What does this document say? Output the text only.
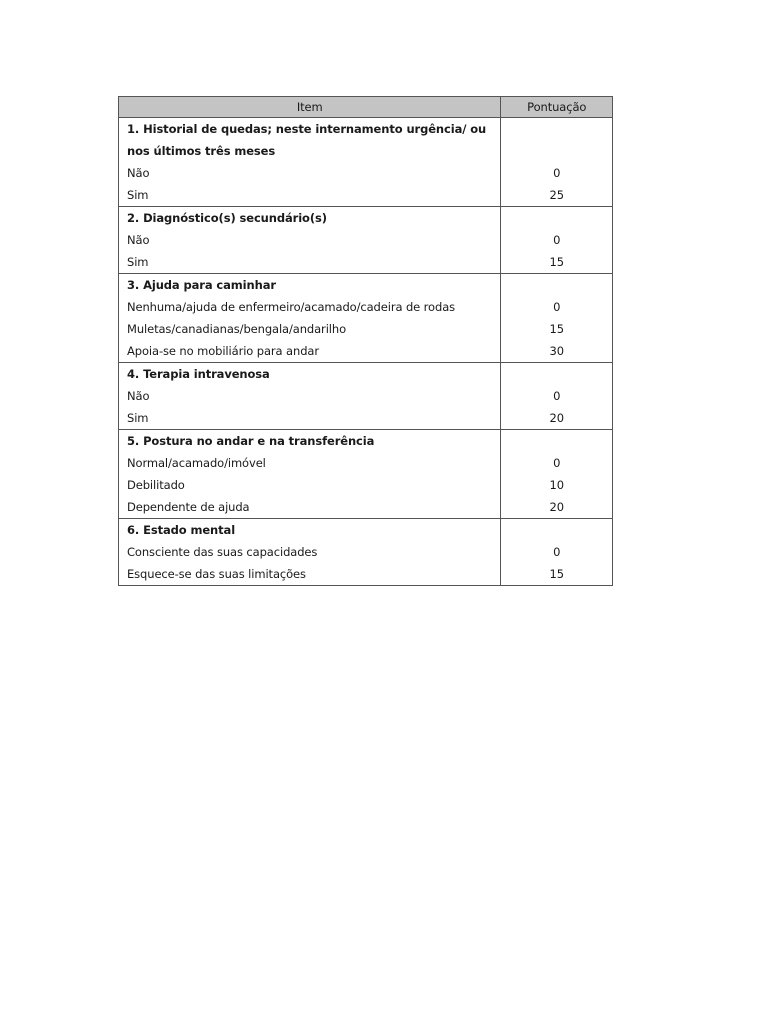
Item	Pontuação
1. Historial de quedas; neste internamento urgência/ ou	
nos últimos três meses	
Não	0
Sim	25
2. Diagnóstico(s) secundário(s)	
Não	0
Sim	15
3. Ajuda para caminhar	
Nenhuma/ajuda de enfermeiro/acamado/cadeira de rodas	0
Muletas/canadianas/bengala/andarilho	15
Apoia-se no mobiliário para andar	30
4. Terapia intravenosa	
Não	0
Sim	20
5. Postura no andar e na transferência	
Normal/acamado/imóvel	0
Debilitado	10
Dependente de ajuda	20
6. Estado mental	
Consciente das suas capacidades	0
Esquece-se das suas limitações	15
